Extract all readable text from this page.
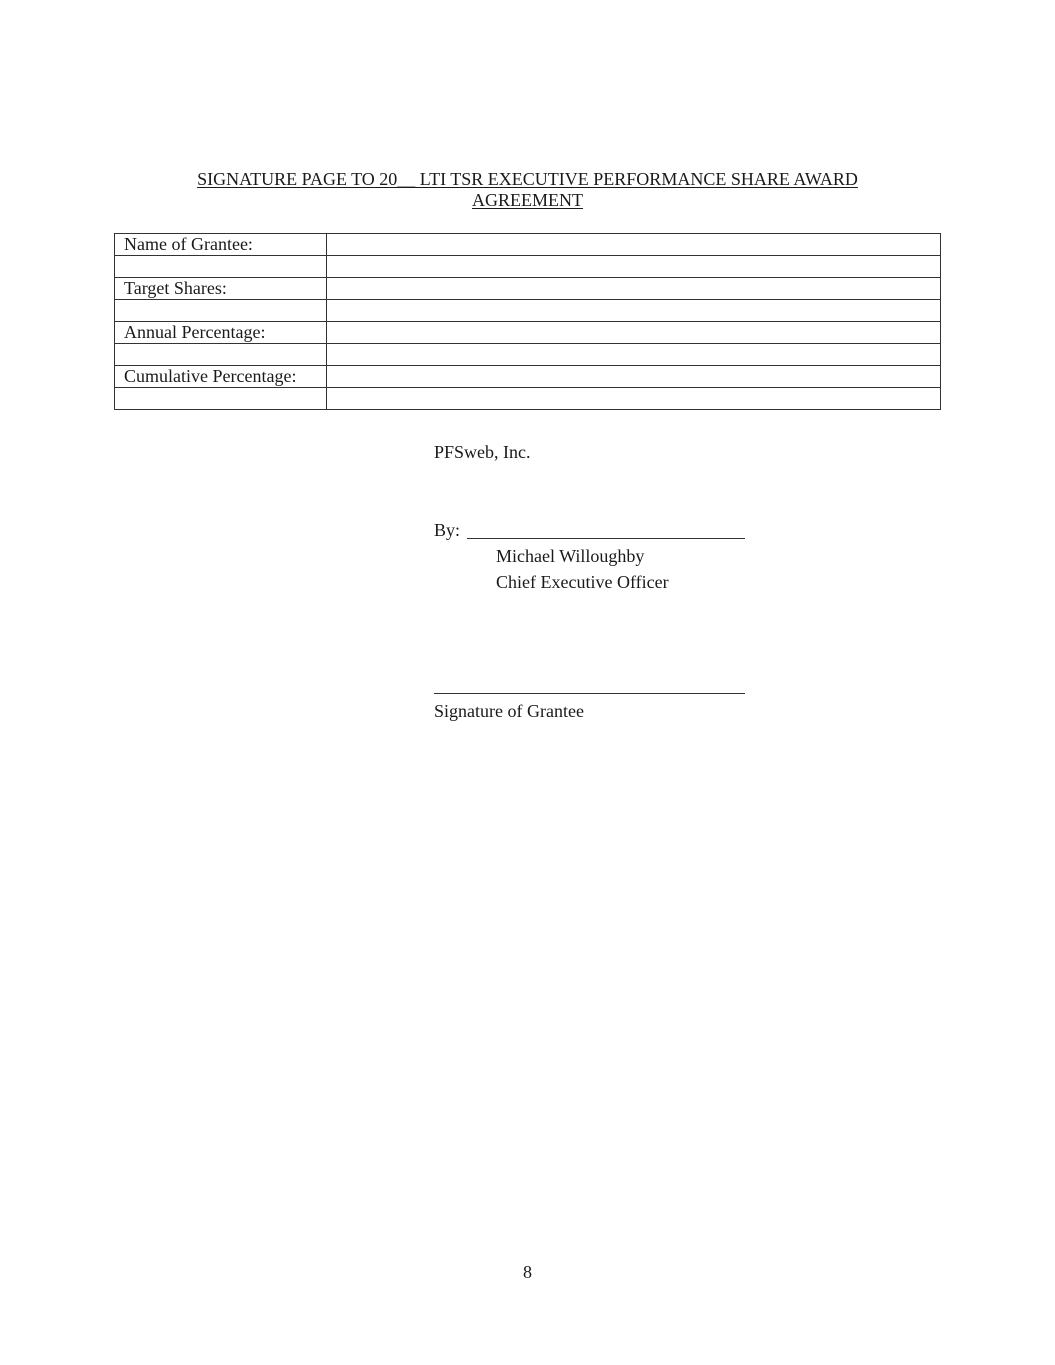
SIGNATURE PAGE TO 20__ LTI TSR EXECUTIVE PERFORMANCE SHARE AWARD
AGREEMENT
Name of Grantee:	

Target Shares:	

Annual Percentage:	

Cumulative Percentage:	

PFSweb, Inc.
By:
Michael Willoughby
Chief Executive Officer
Signature of Grantee
8
